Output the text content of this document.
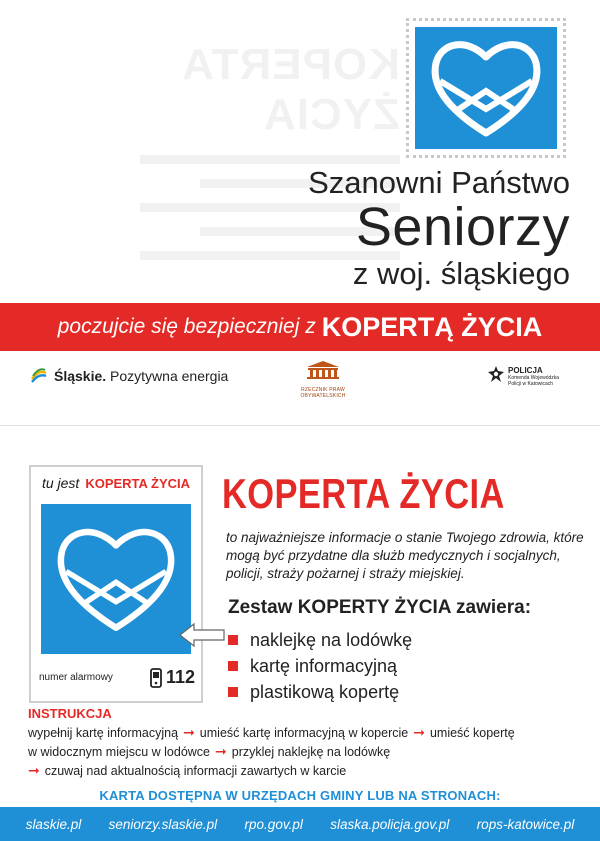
KOPERTA ŻYCIA
Szanowni Państwo
Seniorzy
z woj. śląskiego
poczujcie się bezpieczniej z KOPERTĄ ŻYCIA
Śląskie. Pozytywna energia
RZECZNIK PRAW OBYWATELSKICH
POLICJA
Komenda Wojewódzka
Policji w Katowicach
tu jest KOPERTA ŻYCIA
numer alarmowy	112
KOPERTA ŻYCIA
to najważniejsze informacje o stanie Twojego zdrowia, które mogą być przydatne dla służb medycznych i socjalnych, policji, straży pożarnej i straży miejskiej.
Zestaw KOPERTY ŻYCIA zawiera:
naklejkę na lodówkę
kartę informacyjną
plastikową kopertę
INSTRUKCJA
wypełnij kartę informacyjną ➞ umieść kartę informacyjną w kopercie ➞ umieść kopertę
w widocznym miejscu w lodówce ➞ przyklej naklejkę na lodówkę
➞ czuwaj nad aktualnością informacji zawartych w karcie
KARTA DOSTĘPNA W URZĘDACH GMINY LUB NA STRONACH:
slaskie.pl seniorzy.slaskie.pl rpo.gov.pl slaska.policja.gov.pl rops-katowice.pl
